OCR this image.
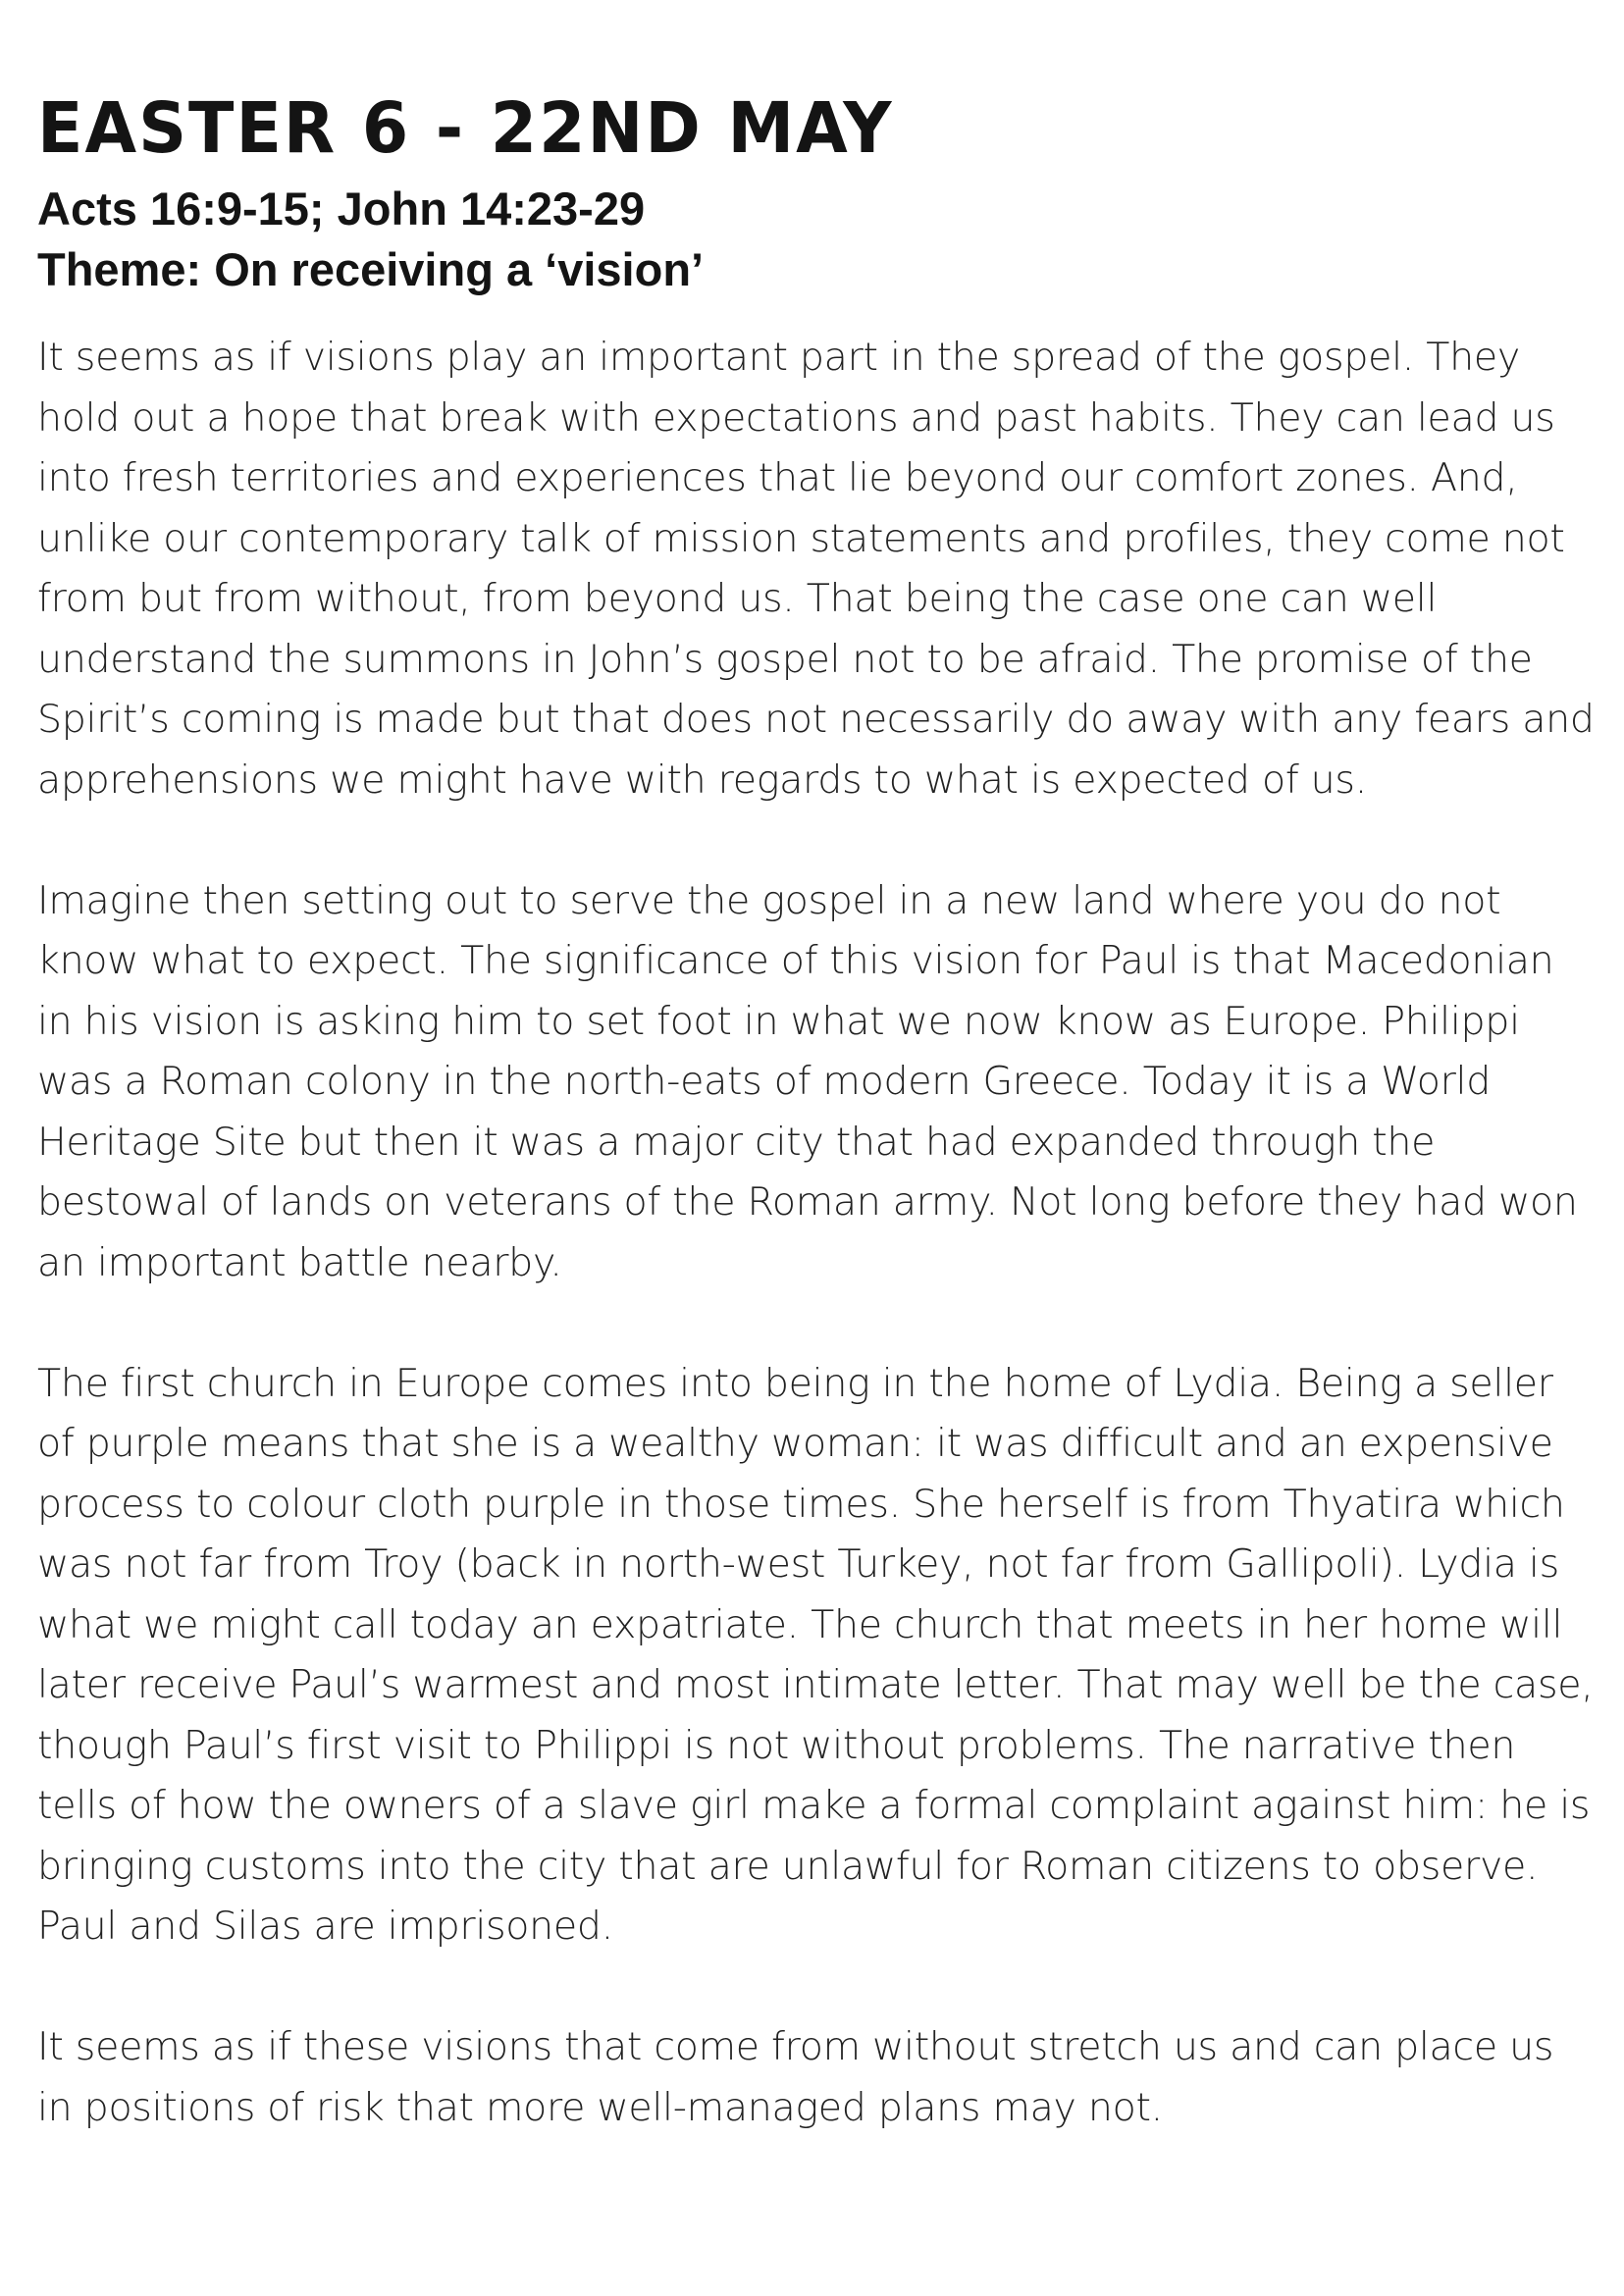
EASTER 6 - 22ND MAY

Acts 16:9-15; John 14:23-29

Theme: On receiving a ‘vision’

It seems as if visions play an important part in the spread of the gospel. They hold out a hope that break with expectations and past habits. They can lead us into fresh territories and experiences that lie beyond our comfort zones. And, unlike our contemporary talk of mission statements and profiles, they come not from but from without, from beyond us. That being the case one can well understand the summons in John’s gospel not to be afraid. The promise of the Spirit’s coming is made but that does not necessarily do away with any fears and apprehensions we might have with regards to what is expected of us.

Imagine then setting out to serve the gospel in a new land where you do not know what to expect. The significance of this vision for Paul is that Macedonian in his vision is asking him to set foot in what we now know as Europe. Philippi was a Roman colony in the north-eats of modern Greece. Today it is a World Heritage Site but then it was a major city that had expanded through the bestowal of lands on veterans of the Roman army. Not long before they had won an important battle nearby.

The first church in Europe comes into being in the home of Lydia. Being a seller of purple means that she is a wealthy woman: it was difficult and an expensive process to colour cloth purple in those times. She herself is from Thyatira which was not far from Troy (back in north-west Turkey, not far from Gallipoli). Lydia is what we might call today an expatriate. The church that meets in her home will later receive Paul’s warmest and most intimate letter. That may well be the case, though Paul’s first visit to Philippi is not without problems. The narrative then tells of how the owners of a slave girl make a formal complaint against him: he is bringing customs into the city that are unlawful for Roman citizens to observe. Paul and Silas are imprisoned.

It seems as if these visions that come from without stretch us and can place us in positions of risk that more well-managed plans may not.
